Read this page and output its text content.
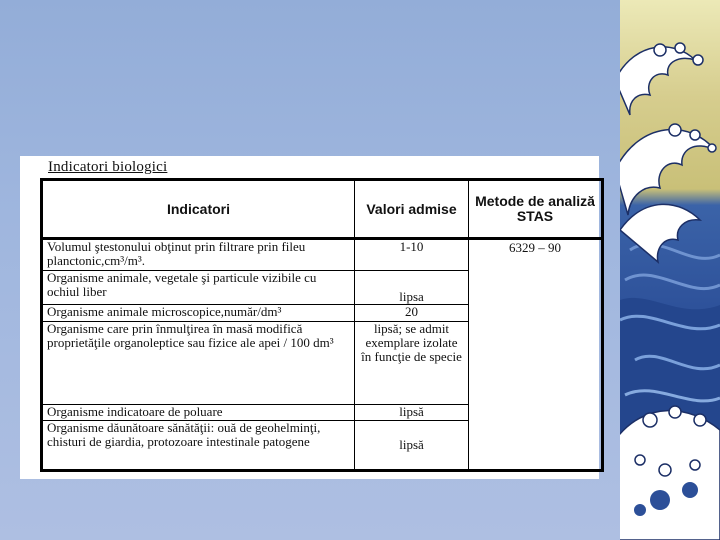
Indicatori biologici
Indicatori	Valori admise	Metode de analiză STAS
Volumul ştestonului obţinut prin filtrare prin fileu planctonic,cm³/m³.	1-10	6329 – 90
Organisme animale, vegetale şi particule vizibile cu ochiul liber	lipsa	
Organisme animale microscopice,număr/dm³	20	
Organisme care prin înmulţirea în masă modifică proprietăţile organoleptice sau fizice ale apei / 100 dm³	lipsă; se admit exemplare izolate în funcţie de specie	
Organisme indicatoare de poluare	lipsă	
Organisme dăunătoare sănătăţii: ouă de geohelminţi, chisturi de giardia, protozoare intestinale patogene	lipsă	
